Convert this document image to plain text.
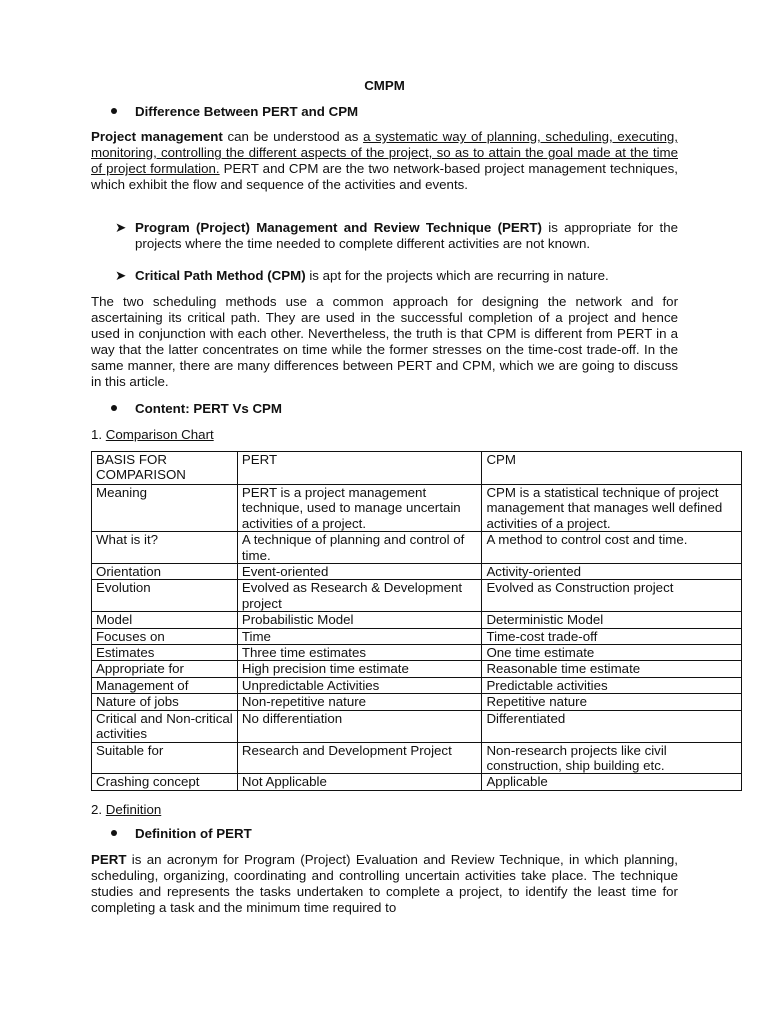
CMPM
Difference Between PERT and CPM
Project management can be understood as a systematic way of planning, scheduling, executing, monitoring, controlling the different aspects of the project, so as to attain the goal made at the time of project formulation. PERT and CPM are the two network-based project management techniques, which exhibit the flow and sequence of the activities and events.
➤ Program (Project) Management and Review Technique (PERT) is appropriate for the projects where the time needed to complete different activities are not known.
➤ Critical Path Method (CPM) is apt for the projects which are recurring in nature.
The two scheduling methods use a common approach for designing the network and for ascertaining its critical path. They are used in the successful completion of a project and hence used in conjunction with each other. Nevertheless, the truth is that CPM is different from PERT in a way that the latter concentrates on time while the former stresses on the time-cost trade-off. In the same manner, there are many differences between PERT and CPM, which we are going to discuss in this article.
Content: PERT Vs CPM
1. Comparison Chart
BASIS FOR COMPARISON	PERT	CPM
Meaning	PERT is a project management technique, used to manage uncertain activities of a project.	CPM is a statistical technique of project management that manages well defined activities of a project.
What is it?	A technique of planning and control of time.	A method to control cost and time.
Orientation	Event-oriented	Activity-oriented
Evolution	Evolved as Research & Development project	Evolved as Construction project
Model	Probabilistic Model	Deterministic Model
Focuses on	Time	Time-cost trade-off
Estimates	Three time estimates	One time estimate
Appropriate for	High precision time estimate	Reasonable time estimate
Management of	Unpredictable Activities	Predictable activities
Nature of jobs	Non-repetitive nature	Repetitive nature
Critical and Non-critical activities	No differentiation	Differentiated
Suitable for	Research and Development Project	Non-research projects like civil construction, ship building etc.
Crashing concept	Not Applicable	Applicable
2. Definition
Definition of PERT
PERT is an acronym for Program (Project) Evaluation and Review Technique, in which planning, scheduling, organizing, coordinating and controlling uncertain activities take place. The technique studies and represents the tasks undertaken to complete a project, to identify the least time for completing a task and the minimum time required to
